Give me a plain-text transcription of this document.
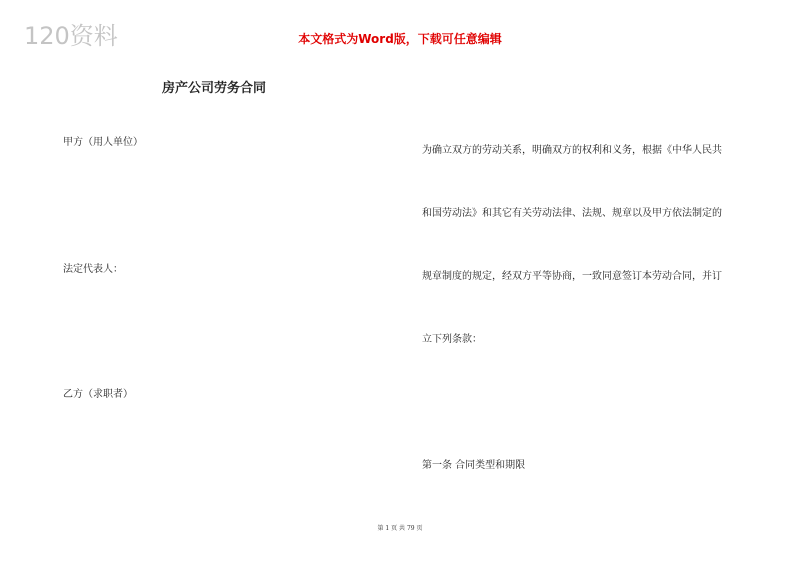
120资料	本文格式为Word版，下载可任意编辑
房产公司劳务合同
甲方（用人单位）
法定代表人：
乙方（求职者）
为确立双方的劳动关系，明确双方的权利和义务，根据《中华人民共
和国劳动法》和其它有关劳动法律、法规、规章以及甲方依法制定的
规章制度的规定，经双方平等协商，一致同意签订本劳动合同，并订
立下列条款：
第一条 合同类型和期限
第 1 页 共 79 页
